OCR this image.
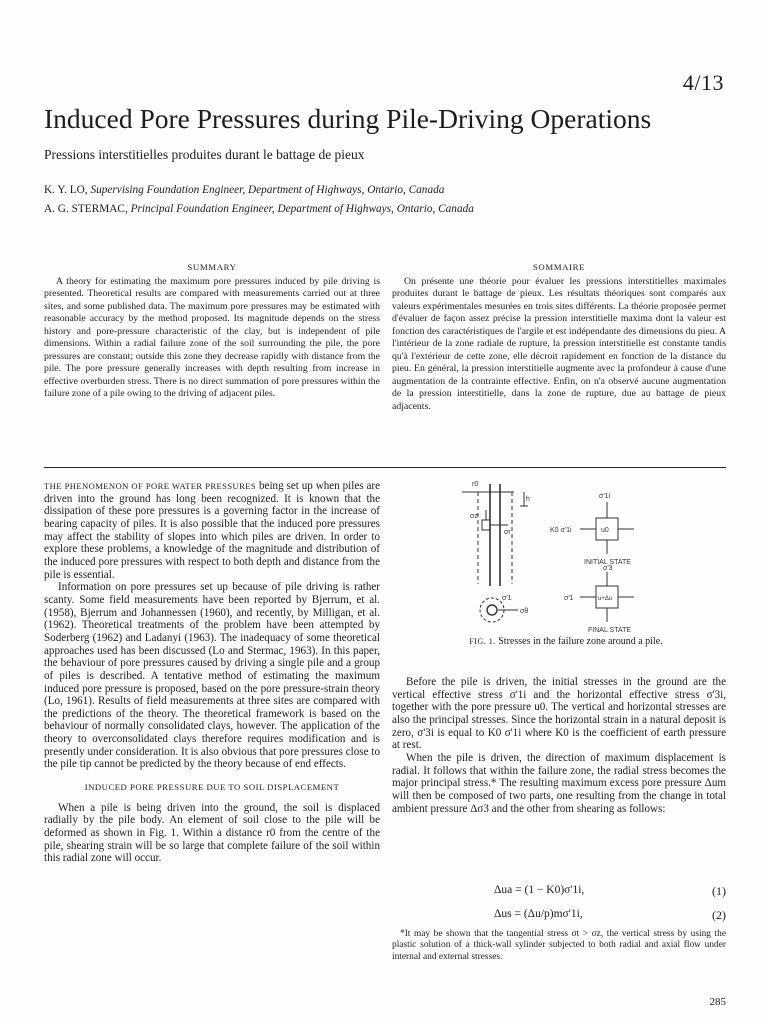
4/13
Induced Pore Pressures during Pile-Driving Operations
Pressions interstitielles produites durant le battage de pieux
K. Y. LO, Supervising Foundation Engineer, Department of Highways, Ontario, Canada
A. G. STERMAC, Principal Foundation Engineer, Department of Highways, Ontario, Canada
SUMMARY
A theory for estimating the maximum pore pressures induced by pile driving is presented. Theoretical results are compared with measurements carried out at three sites, and some published data. The maximum pore pressures may be estimated with reasonable accuracy by the method proposed. Its magnitude depends on the stress history and pore-pressure characteristic of the clay, but is independent of pile dimensions. Within a radial failure zone of the soil surrounding the pile, the pore pressures are constant; outside this zone they decrease rapidly with distance from the pile. The pore pressure generally increases with depth resulting from increase in effective overburden stress. There is no direct summation of pore pressures within the failure zone of a pile owing to the driving of adjacent piles.
SOMMAIRE
On présente une théorie pour évaluer les pressions interstitielles maximales produites durant le battage de pieux. Les résultats théoriques sont comparés aux valeurs expérimentales mesurées en trois sites différents. La théorie proposée permet d'évaluer de façon assez précise la pression interstitielle maxima dont la valeur est fonction des caractéristiques de l'argile et est indépendante des dimensions du pieu. A l'intérieur de la zone radiale de rupture, la pression interstitielle est constante tandis qu'à l'extérieur de cette zone, elle décroit rapidement en fonction de la distance du pieu. En général, la pression interstitielle augmente avec la profondeur à cause d'une augmentation de la contrainte effective. Enfin, on n'a observé aucune augmentation de la pression interstitielle, dans la zone de rupture, due au battage de pieux adjacents.

THE PHENOMENON OF PORE WATER PRESSURES being set up when piles are driven into the ground has long been recognized. It is known that the dissipation of these pore pressures is a governing factor in the increase of bearing capacity of piles. It is also possible that the induced pore pressures may affect the stability of slopes into which piles are driven. In order to explore these problems, a knowledge of the magnitude and distribution of the induced pore pressures with respect to both depth and distance from the pile is essential.

Information on pore pressures set up because of pile driving is rather scanty. Some field measurements have been reported by Bjerrum, et al. (1958), Bjerrum and Johannessen (1960), and recently, by Milligan, et al. (1962). Theoretical treatments of the problem have been attempted by Soderberg (1962) and Ladanyi (1963). The inadequacy of some theoretical approaches used has been discussed (Lo and Stermac, 1963). In this paper, the behaviour of pore pressures caused by driving a single pile and a group of piles is described. A tentative method of estimating the maximum induced pore pressure is proposed, based on the pore pressure-strain theory (Lo, 1961). Results of field measurements at three sites are compared with the predictions of the theory. The theoretical framework is based on the behaviour of normally consolidated clays, however. The application of the theory to overconsolidated clays therefore requires modification and is presently under consideration. It is also obvious that pore pressures close to the pile tip cannot be predicted by the theory because of end effects.

INDUCED PORE PRESSURE DUE TO SOIL DISPLACEMENT

When a pile is being driven into the ground, the soil is displaced radially by the pile body. An element of soil close to the pile will be deformed as shown in Fig. 1. Within a distance r0 from the centre of the pile, shearing strain will be so large that complete failure of the soil within this radial zone will occur.

h
r0
σz
σr
σ'1
σθ
σ'1i
K0 σ'1i	u0
INITIAL STATE
σ'3
σ'1	u+Δu
FINAL STATE
FIG. 1. Stresses in the failure zone around a pile.

Before the pile is driven, the initial stresses in the ground are the vertical effective stress σ'1i and the horizontal effective stress σ'3i, together with the pore pressure u0. The vertical and horizontal stresses are also the principal stresses. Since the horizontal strain in a natural deposit is zero, σ'3i is equal to K0 σ'1i where K0 is the coefficient of earth pressure at rest.

When the pile is driven, the direction of maximum displacement is radial. It follows that within the failure zone, the radial stress becomes the major principal stress.* The resulting maximum excess pore pressure Δum will then be composed of two parts, one resulting from the change in total ambient pressure Δσ3 and the other from shearing as follows:

Δua = (1 − K0)σ'1i,	(1)
Δus = (Δu/p)mσ'1i,	(2)

*It may be shown that the tangential stress σt > σz, the vertical stress by using the plastic solution of a thick-wall sylinder subjected to both radial and axial flow under internal and external stresses.

285
